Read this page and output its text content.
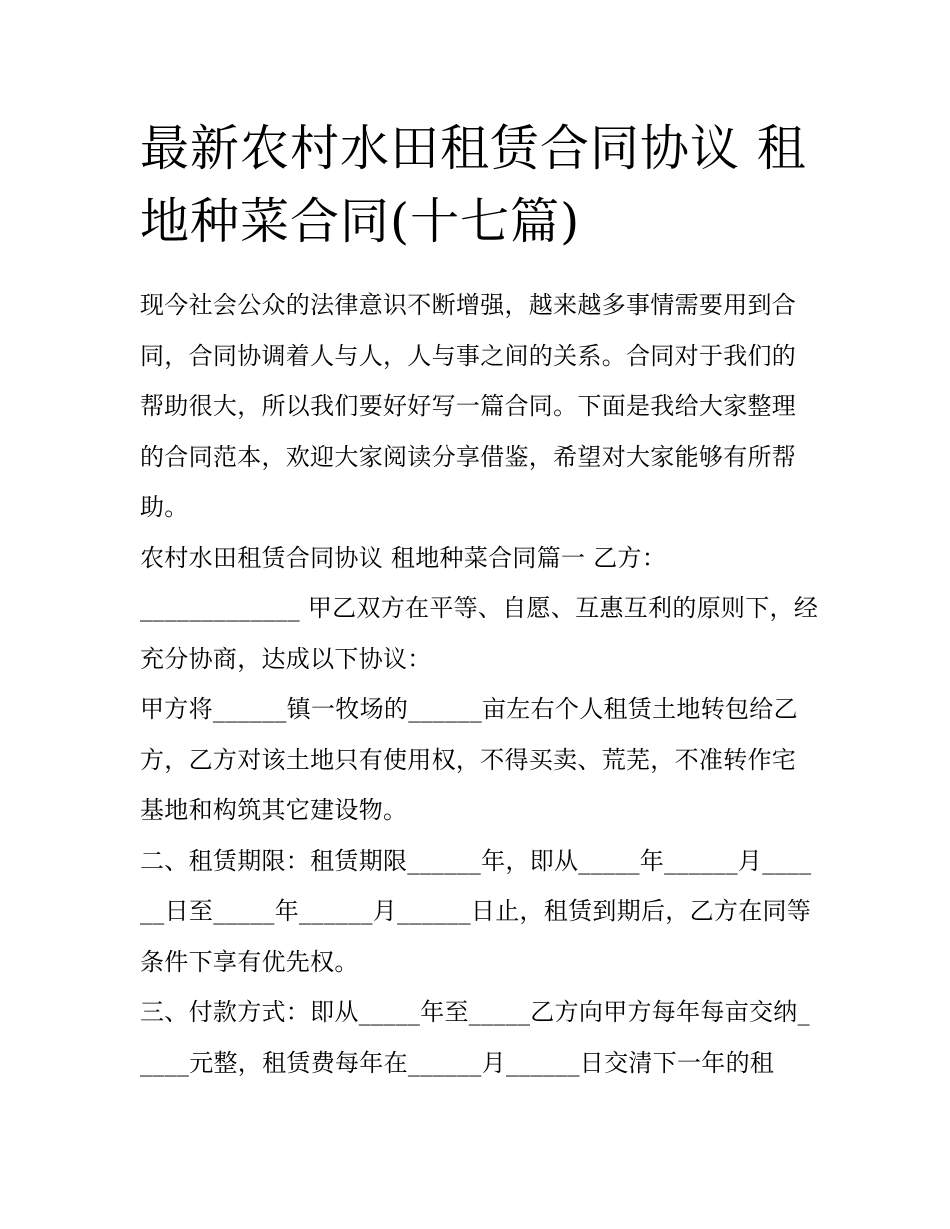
最新农村水田租赁合同协议 租地种菜合同(十七篇)

现今社会公众的法律意识不断增强，越来越多事情需要用到合同，合同协调着人与人，人与事之间的关系。合同对于我们的帮助很大，所以我们要好好写一篇合同。下面是我给大家整理的合同范本，欢迎大家阅读分享借鉴，希望对大家能够有所帮助。

农村水田租赁合同协议 租地种菜合同篇一 乙方：

_____________ 甲乙双方在平等、自愿、互惠互利的原则下，经充分协商，达成以下协议：

甲方将______镇一牧场的______亩左右个人租赁土地转包给乙方，乙方对该土地只有使用权，不得买卖、荒芜，不准转作宅基地和构筑其它建设物。

二、租赁期限：租赁期限______年，即从_____年______月______日至_____年______月______日止，租赁到期后，乙方在同等条件下享有优先权。

三、付款方式：即从_____年至_____乙方向甲方每年每亩交纳_____元整，租赁费每年在______月______日交清下一年的租
